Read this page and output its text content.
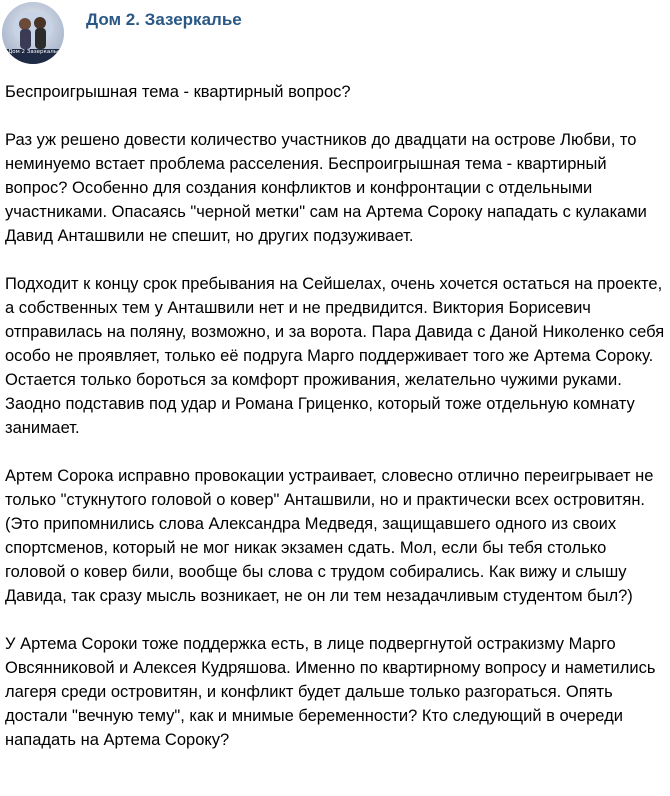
Дом 2 Зазеркалье
Дом 2. Зазеркалье

Беспроигрышная тема - квартирный вопрос?

Раз уж решено довести количество участников до двадцати на острове Любви, то неминуемо встает проблема расселения. Беспроигрышная тема - квартирный вопрос? Особенно для создания конфликтов и конфронтации с отдельными участниками. Опасаясь "черной метки" сам на Артема Сороку нападать с кулаками Давид Анташвили не спешит, но других подзуживает.

Подходит к концу срок пребывания на Сейшелах, очень хочется остаться на проекте, а собственных тем у Анташвили нет и не предвидится. Виктория Борисевич отправилась на поляну, возможно, и за ворота. Пара Давида с Даной Николенко себя особо не проявляет, только её подруга Марго поддерживает того же Артема Сороку. Остается только бороться за комфорт проживания, желательно чужими руками. Заодно подставив под удар и Романа Гриценко, который тоже отдельную комнату занимает.

Артем Сорока исправно провокации устраивает, словесно отлично переигрывает не только "стукнутого головой о ковер" Анташвили, но и практически всех островитян. (Это припомнились слова Александра Медведя, защищавшего одного из своих спортсменов, который не мог никак экзамен сдать. Мол, если бы тебя столько головой о ковер били, вообще бы слова с трудом собирались. Как вижу и слышу Давида, так сразу мысль возникает, не он ли тем незадачливым студентом был?)

У Артема Сороки тоже поддержка есть, в лице подвергнутой остракизму Марго Овсянниковой и Алексея Кудряшова. Именно по квартирному вопросу и наметились лагеря среди островитян, и конфликт будет дальше только разгораться. Опять достали "вечную тему", как и мнимые беременности? Кто следующий в очереди нападать на Артема Сороку?
